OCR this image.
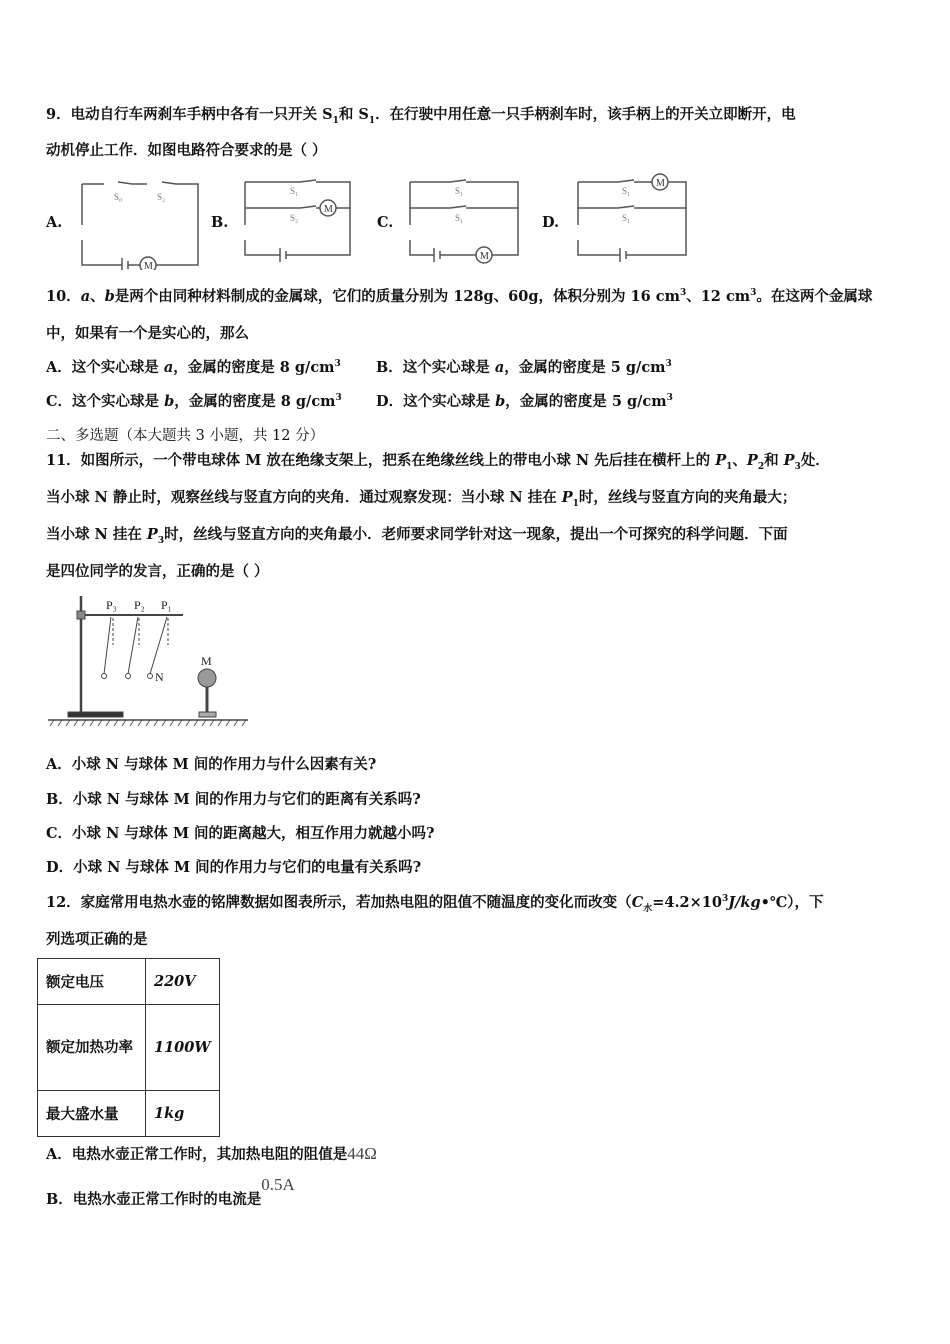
9．电动自行车两刹车手柄中各有一只开关 $S_1$和 $S_1$．在行驶中用任意一只手柄刹车时，该手柄上的开关立即断开，电
动机停止工作．如图电路符合要求的是（ ）
A.	B.	C.	D.
M
S₀	S₂
M
S₁
S₂
M
S₁
S₁
M
S₁
S₁
10．a、b是两个由同种材料制成的金属球，它们的质量分别为 128g、60g，体积分别为 16 $cm^3$、12 $cm^3$。在这两个金属球
中，如果有一个是实心的，那么
A．这个实心球是 a，金属的密度是 8 $g/cm^3$ B．这个实心球是 a，金属的密度是 5 $g/cm^3$
C．这个实心球是 b，金属的密度是 8 $g/cm^3$ D．这个实心球是 b，金属的密度是 5 $g/cm^3$
二、多选题（本大题共 3 小题，共 12 分）
11．如图所示，一个带电球体 M 放在绝缘支架上，把系在绝缘丝线上的带电小球 N 先后挂在横杆上的 $P_1$、$P_2$和 $P_3$处．
当小球 N 静止时，观察丝线与竖直方向的夹角．通过观察发现：当小球 N 挂在 $P_1$时，丝线与竖直方向的夹角最大；
当小球 N 挂在 $P_3$时，丝线与竖直方向的夹角最小．老师要求同学针对这一现象，提出一个可探究的科学问题．下面
是四位同学的发言，正确的是（ ）
P₃ P₂ P₁
N
M
A．小球 N 与球体 M 间的作用力与什么因素有关?
B．小球 N 与球体 M 间的作用力与它们的距离有关系吗?
C．小球 N 与球体 M 间的距离越大，相互作用力就越小吗?
D．小球 N 与球体 M 间的作用力与它们的电量有关系吗?
12．家庭常用电热水壶的铭牌数据如图表所示，若加热电阻的阻值不随温度的变化而改变$(C_水=4.2\times 10^3J/kg•℃)$，下
列选项正确的是
额定电压	220V
额定加热功率	1100W
最大盛水量	1kg
A．电热水壶正常工作时，其加热电阻的阻值是44Ω
B．电热水壶正常工作时的电流是0.5A
